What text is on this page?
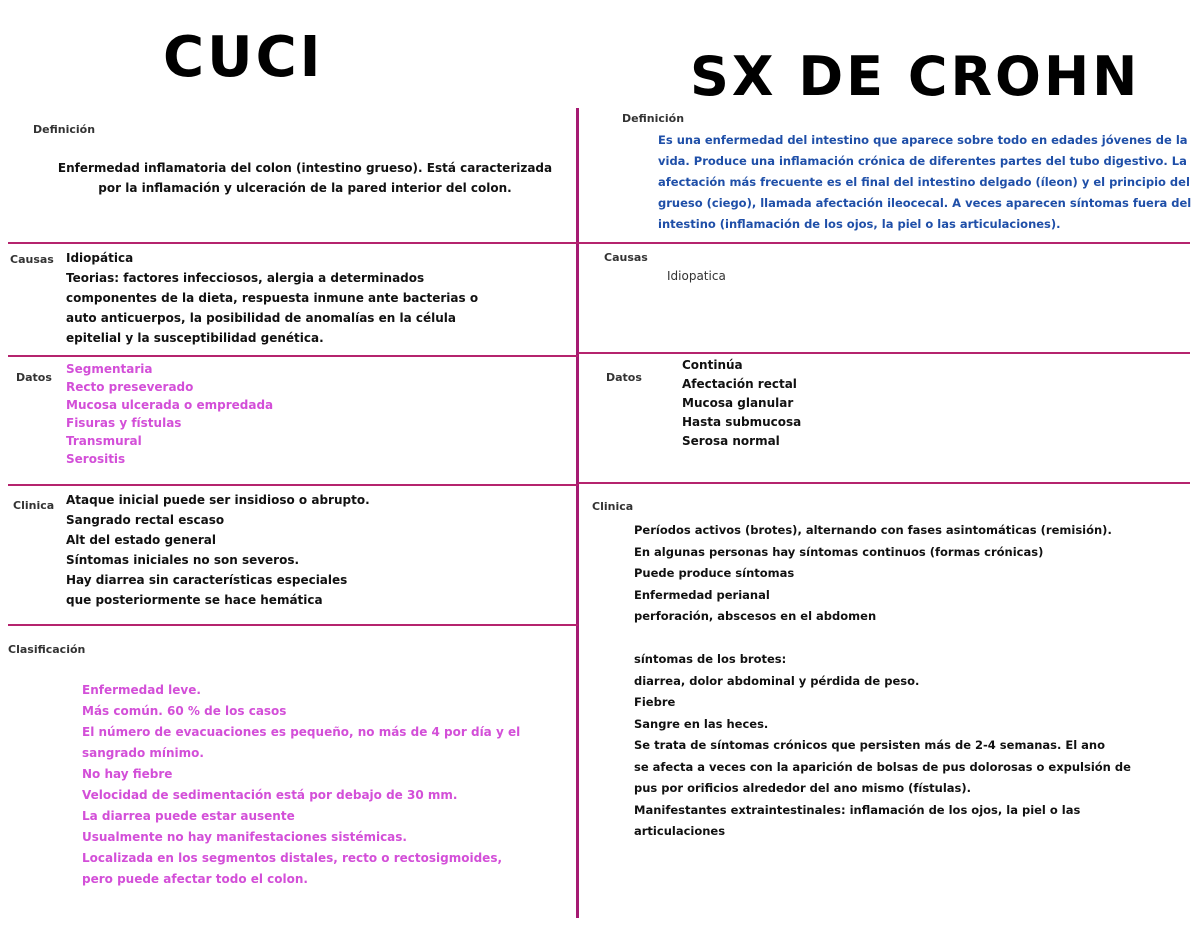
CUCI	SX DE CROHN
Definición
Enfermedad inflamatoria del colon (intestino grueso). Está caracterizada
por la inflamación y ulceración de la pared interior del colon.
Causas Idiopática
Teorias: factores infecciosos, alergia a determinados
componentes de la dieta, respuesta inmune ante bacterias o
auto anticuerpos, la posibilidad de anomalías en la célula
epitelial y la susceptibilidad genética.
Datos
Segmentaria
Recto preseverado
Mucosa ulcerada o empredada
Fisuras y fístulas
Transmural
Serositis
Clinica Ataque inicial puede ser insidioso o abrupto.
Sangrado rectal escaso
Alt del estado general
Síntomas iniciales no son severos.
Hay diarrea sin características especiales
que posteriormente se hace hemática
Clasificación
Enfermedad leve.
Más común. 60 % de los casos
El número de evacuaciones es pequeño, no más de 4 por día y el
sangrado mínimo.
No hay fiebre
Velocidad de sedimentación está por debajo de 30 mm.
La diarrea puede estar ausente
Usualmente no hay manifestaciones sistémicas.
Localizada en los segmentos distales, recto o rectosigmoides,
pero puede afectar todo el colon.
Definición
Es una enfermedad del intestino que aparece sobre todo en edades jóvenes de la
vida. Produce una inflamación crónica de diferentes partes del tubo digestivo. La
afectación más frecuente es el final del intestino delgado (íleon) y el principio del
grueso (ciego), llamada afectación ileocecal. A veces aparecen síntomas fuera del
intestino (inflamación de los ojos, la piel o las articulaciones).
Causas
Idiopatica
Datos
Continúa
Afectación rectal
Mucosa glanular
Hasta submucosa
Serosa normal
Clinica
Períodos activos (brotes), alternando con fases asintomáticas (remisión).
En algunas personas hay síntomas continuos (formas crónicas)
Puede produce síntomas
Enfermedad perianal
perforación, abscesos en el abdomen
síntomas de los brotes:
diarrea, dolor abdominal y pérdida de peso.
Fiebre
Sangre en las heces.
Se trata de síntomas crónicos que persisten más de 2-4 semanas. El ano
se afecta a veces con la aparición de bolsas de pus dolorosas o expulsión de
pus por orificios alrededor del ano mismo (fístulas).
Manifestantes extraintestinales: inflamación de los ojos, la piel o las
articulaciones
